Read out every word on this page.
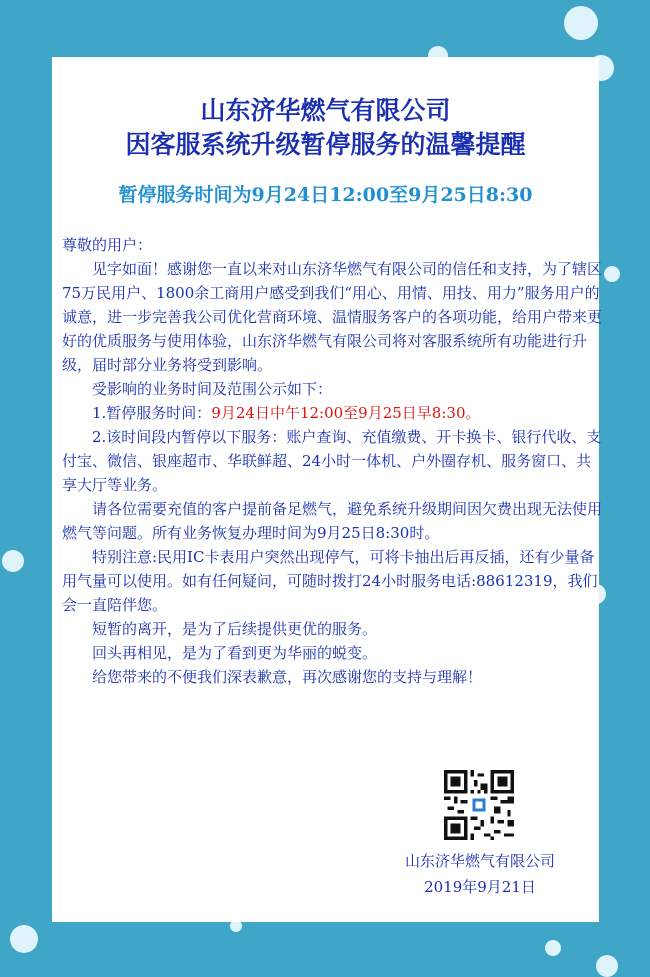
山东济华燃气有限公司
因客服系统升级暂停服务的温馨提醒
暂停服务时间为9月24日12:00至9月25日8:30

尊敬的用户：

见字如面！感谢您一直以来对山东济华燃气有限公司的信任和支持，为了辖区75万民用户、1800余工商用户感受到我们“用心、用情、用技、用力”服务用户的诚意，进一步完善我公司优化营商环境、温情服务客户的各项功能，给用户带来更好的优质服务与使用体验，山东济华燃气有限公司将对客服系统所有功能进行升级，届时部分业务将受到影响。

受影响的业务时间及范围公示如下：

1.暂停服务时间：9月24日中午12:00至9月25日早8:30。

2.该时间段内暂停以下服务：账户查询、充值缴费、开卡换卡、银行代收、支付宝、微信、银座超市、华联鲜超、24小时一体机、户外圈存机、服务窗口、共享大厅等业务。

请各位需要充值的客户提前备足燃气，避免系统升级期间因欠费出现无法使用燃气等问题。所有业务恢复办理时间为9月25日8:30时。

特别注意:民用IC卡表用户突然出现停气，可将卡抽出后再反插，还有少量备用气量可以使用。如有任何疑问，可随时拨打24小时服务电话:88612319，我们会一直陪伴您。

短暂的离开，是为了后续提供更优的服务。

回头再相见，是为了看到更为华丽的蜕变。

给您带来的不便我们深表歉意，再次感谢您的支持与理解！

山东济华燃气有限公司
2019年9月21日
